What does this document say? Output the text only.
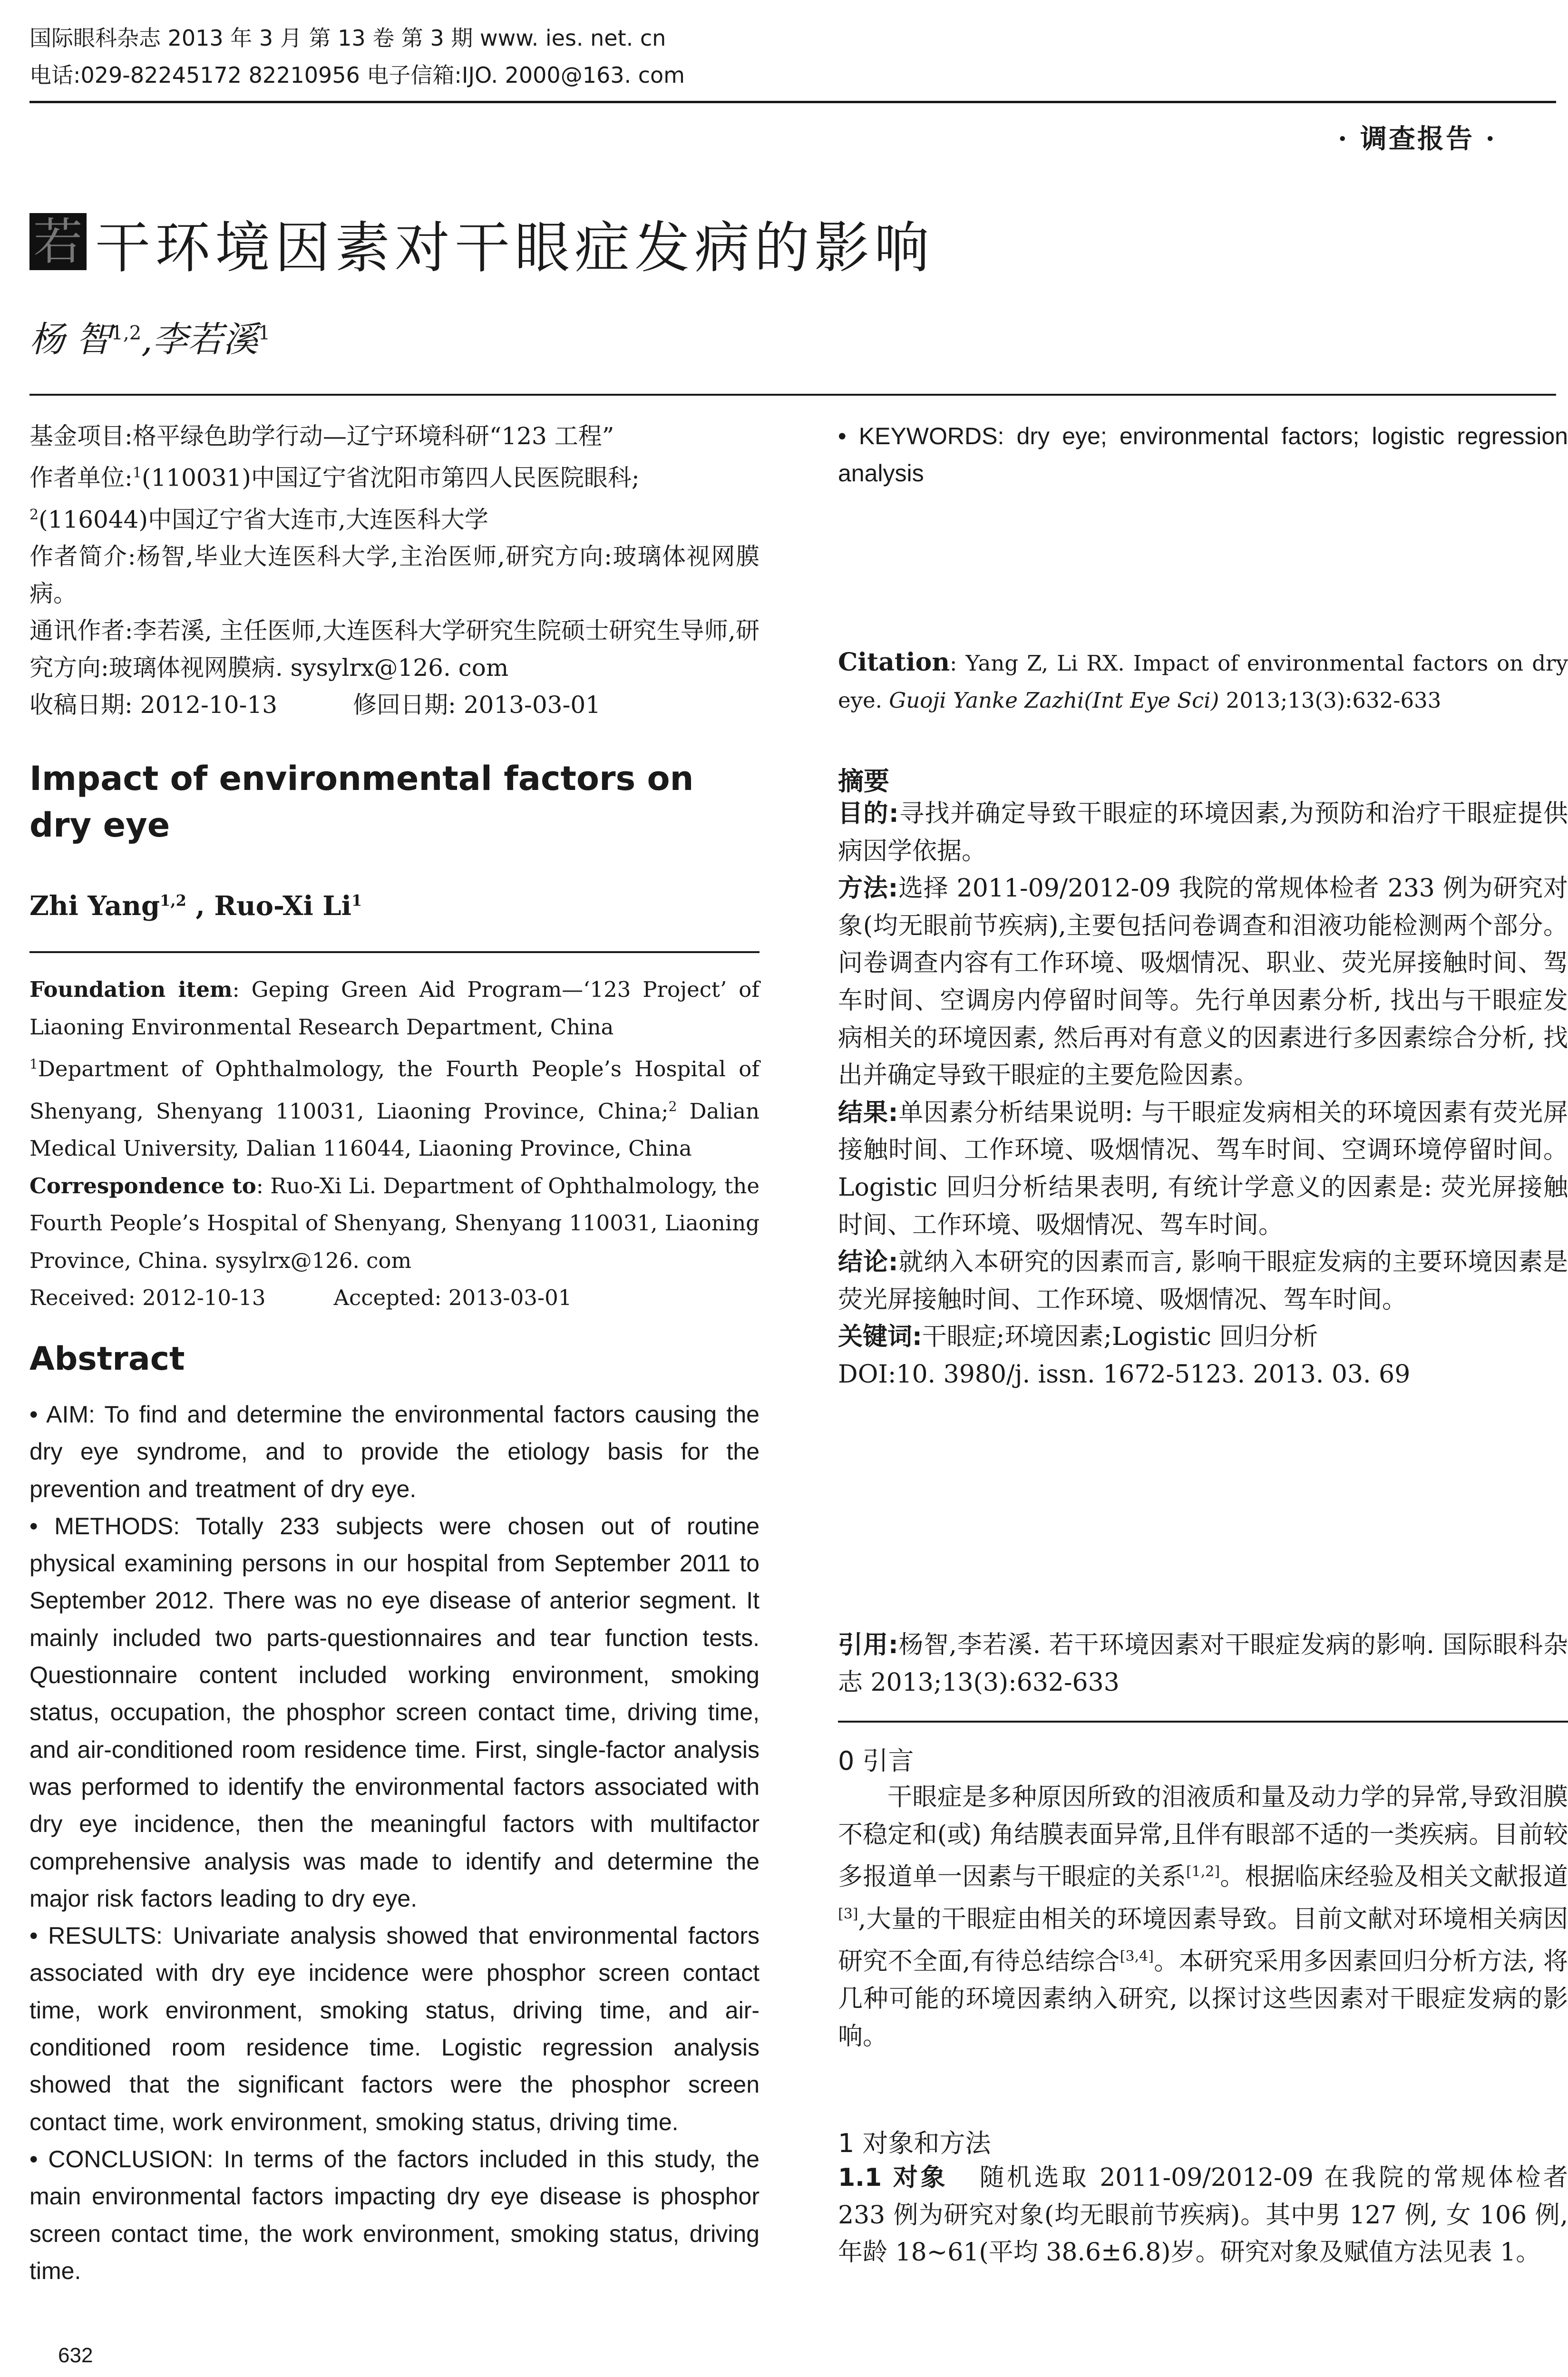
国际眼科杂志 2013 年 3 月 第 13 卷 第 3 期 www. ies. net. cn
电话:029-82245172 82210956 电子信箱:IJO. 2000@163. com
· 调查报告 ·
若 干环境因素对干眼症发病的影响
杨 智$^{1,2}$,李若溪$^1$

基金项目:格平绿色助学行动—辽宁环境科研“123 工程”

作者单位:$^1$(110031)中国辽宁省沈阳市第四人民医院眼科;

$^2$(116044)中国辽宁省大连市,大连医科大学

作者简介:杨智,毕业大连医科大学,主治医师,研究方向:玻璃体视网膜病。

通讯作者:李若溪, 主任医师,大连医科大学研究生院硕士研究生导师,研究方向:玻璃体视网膜病. sysylrx@126. com

收稿日期: 2012-10-13          修回日期: 2013-03-01

Impact of environmental factors on dry eye
Zhi Yang$^{1,2}$ , Ruo-Xi Li$^1$

Foundation item: Geping Green Aid Program—‘123 Project’ of Liaoning Environmental Research Department, China

$^1$Department of Ophthalmology, the Fourth People’s Hospital of Shenyang, Shenyang 110031, Liaoning Province, China;$^2$ Dalian Medical University, Dalian 116044, Liaoning Province, China

Correspondence to: Ruo-Xi Li. Department of Ophthalmology, the Fourth People’s Hospital of Shenyang, Shenyang 110031, Liaoning Province, China. sysylrx@126. com

Received: 2012-10-13          Accepted: 2013-03-01

Abstract

• AIM: To find and determine the environmental factors causing the dry eye syndrome, and to provide the etiology basis for the prevention and treatment of dry eye.

• METHODS: Totally 233 subjects were chosen out of routine physical examining persons in our hospital from September 2011 to September 2012. There was no eye disease of anterior segment. It mainly included two parts-questionnaires and tear function tests. Questionnaire content included working environment, smoking status, occupation, the phosphor screen contact time, driving time, and air-conditioned room residence time. First, single-factor analysis was performed to identify the environmental factors associated with dry eye incidence, then the meaningful factors with multifactor comprehensive analysis was made to identify and determine the major risk factors leading to dry eye.

• RESULTS: Univariate analysis showed that environmental factors associated with dry eye incidence were phosphor screen contact time, work environment, smoking status, driving time, and air-conditioned room residence time. Logistic regression analysis showed that the significant factors were the phosphor screen contact time, work environment, smoking status, driving time.

• CONCLUSION: In terms of the factors included in this study, the main environmental factors impacting dry eye disease is phosphor screen contact time, the work environment, smoking status, driving time.

632

• KEYWORDS: dry eye; environmental factors; logistic regression analysis

Citation: Yang Z, Li RX. Impact of environmental factors on dry eye. Guoji Yanke Zazhi(Int Eye Sci) 2013;13(3):632-633
摘要

目的:寻找并确定导致干眼症的环境因素,为预防和治疗干眼症提供病因学依据。

方法:选择 2011-09/2012-09 我院的常规体检者 233 例为研究对象(均无眼前节疾病),主要包括问卷调查和泪液功能检测两个部分。问卷调查内容有工作环境、吸烟情况、职业、荧光屏接触时间、驾车时间、空调房内停留时间等。先行单因素分析, 找出与干眼症发病相关的环境因素, 然后再对有意义的因素进行多因素综合分析, 找出并确定导致干眼症的主要危险因素。

结果:单因素分析结果说明: 与干眼症发病相关的环境因素有荧光屏接触时间、工作环境、吸烟情况、驾车时间、空调环境停留时间。Logistic 回归分析结果表明, 有统计学意义的因素是: 荧光屏接触时间、工作环境、吸烟情况、驾车时间。

结论:就纳入本研究的因素而言, 影响干眼症发病的主要环境因素是荧光屏接触时间、工作环境、吸烟情况、驾车时间。

关键词:干眼症;环境因素;Logistic 回归分析

DOI:10. 3980/j. issn. 1672-5123. 2013. 03. 69

引用:杨智,李若溪. 若干环境因素对干眼症发病的影响. 国际眼科杂志 2013;13(3):632-633

0 引言

干眼症是多种原因所致的泪液质和量及动力学的异常,导致泪膜不稳定和(或) 角结膜表面异常,且伴有眼部不适的一类疾病。目前较多报道单一因素与干眼症的关系[1,2]。根据临床经验及相关文献报道[3],大量的干眼症由相关的环境因素导致。目前文献对环境相关病因研究不全面,有待总结综合[3,4]。本研究采用多因素回归分析方法, 将几种可能的环境因素纳入研究, 以探讨这些因素对干眼症发病的影响。

1 对象和方法

1.1 对象 随机选取 2011-09/2012-09 在我院的常规体检者 233 例为研究对象(均无眼前节疾病)。其中男 127 例, 女 106 例,年龄 18~61(平均 38.6±6.8)岁。研究对象及赋值方法见表 1。
